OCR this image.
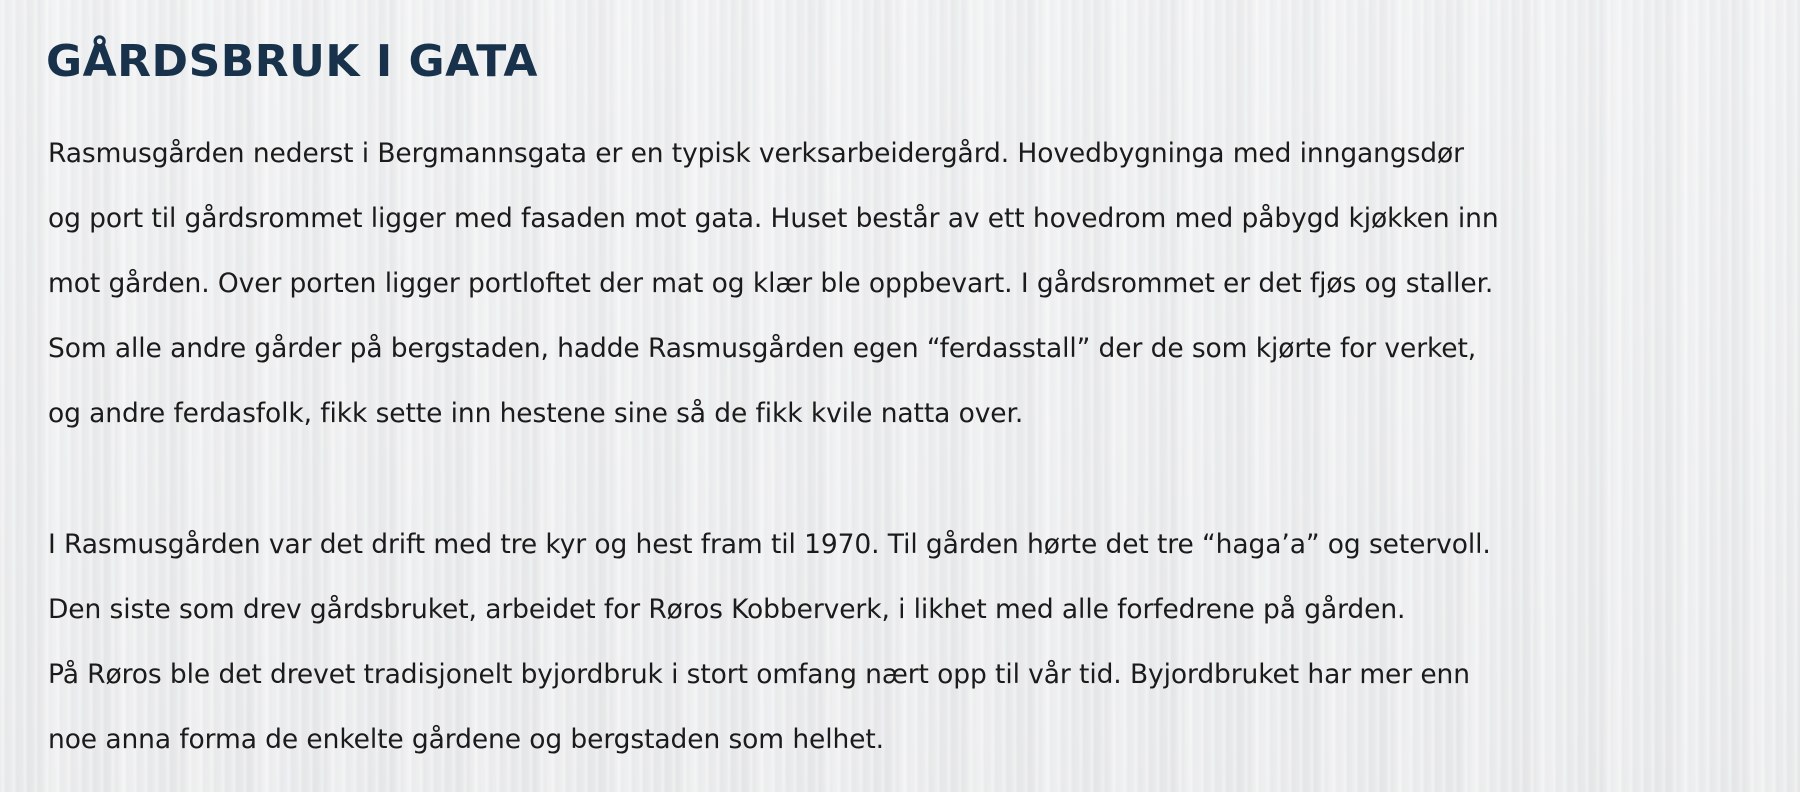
GÅRDSBRUK I GATA
Rasmusgården nederst i Bergmannsgata er en typisk verksarbeidergård. Hovedbygninga med inngangsdør
og port til gårdsrommet ligger med fasaden mot gata. Huset består av ett hovedrom med påbygd kjøkken inn
mot gården. Over porten ligger portloftet der mat og klær ble oppbevart. I gårdsrommet er det fjøs og staller.
Som alle andre gårder på bergstaden, hadde Rasmusgården egen “ferdasstall” der de som kjørte for verket,
og andre ferdasfolk, fikk sette inn hestene sine så de fikk kvile natta over.
I Rasmusgården var det drift med tre kyr og hest fram til 1970. Til gården hørte det tre “haga’a” og setervoll.
Den siste som drev gårdsbruket, arbeidet for Røros Kobberverk, i likhet med alle forfedrene på gården.
På Røros ble det drevet tradisjonelt byjordbruk i stort omfang nært opp til vår tid. Byjordbruket har mer enn
noe anna forma de enkelte gårdene og bergstaden som helhet.
